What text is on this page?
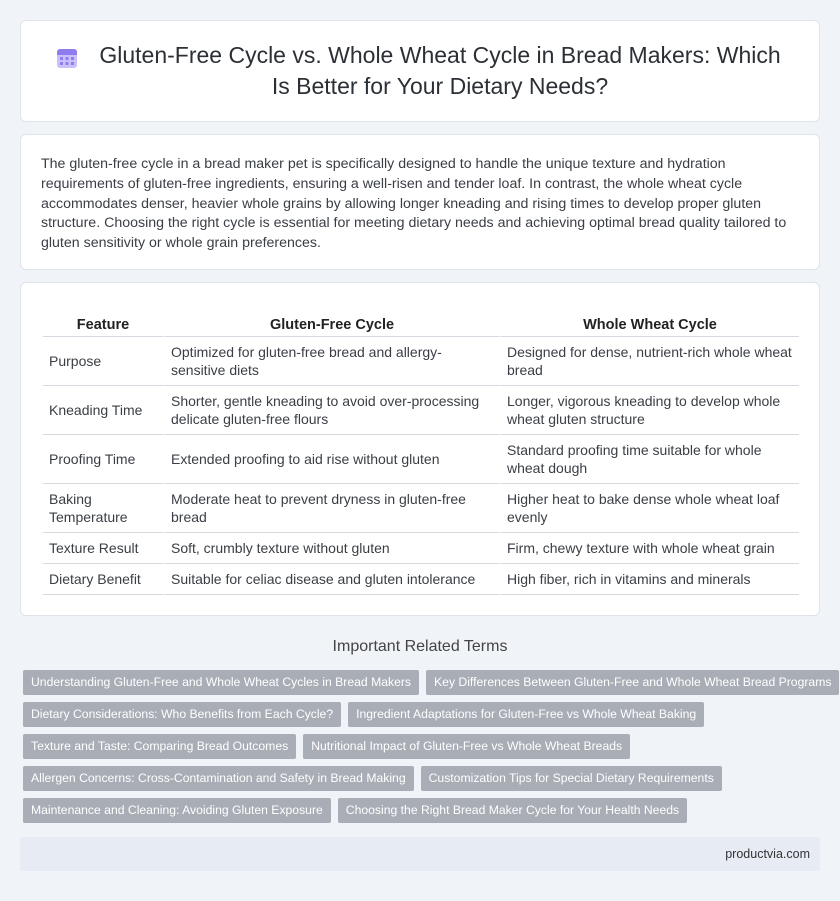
Gluten-Free Cycle vs. Whole Wheat Cycle in Bread Makers: Which Is Better for Your Dietary Needs?

The gluten-free cycle in a bread maker pet is specifically designed to handle the unique texture and hydration requirements of gluten-free ingredients, ensuring a well-risen and tender loaf. In contrast, the whole wheat cycle accommodates denser, heavier whole grains by allowing longer kneading and rising times to develop proper gluten structure. Choosing the right cycle is essential for meeting dietary needs and achieving optimal bread quality tailored to gluten sensitivity or whole grain preferences.

Feature	Gluten-Free Cycle	Whole Wheat Cycle
Purpose	Optimized for gluten-free bread and allergy-sensitive diets	Designed for dense, nutrient-rich whole wheat bread
Kneading Time	Shorter, gentle kneading to avoid over-processing delicate gluten-free flours	Longer, vigorous kneading to develop whole wheat gluten structure
Proofing Time	Extended proofing to aid rise without gluten	Standard proofing time suitable for whole wheat dough
Baking Temperature	Moderate heat to prevent dryness in gluten-free bread	Higher heat to bake dense whole wheat loaf evenly
Texture Result	Soft, crumbly texture without gluten	Firm, chewy texture with whole wheat grain
Dietary Benefit	Suitable for celiac disease and gluten intolerance	High fiber, rich in vitamins and minerals
Important Related Terms
Understanding Gluten-Free and Whole Wheat Cycles in Bread Makers	Key Differences Between Gluten-Free and Whole Wheat Bread Programs
Dietary Considerations: Who Benefits from Each Cycle?	Ingredient Adaptations for Gluten-Free vs Whole Wheat Baking
Texture and Taste: Comparing Bread Outcomes	Nutritional Impact of Gluten-Free vs Whole Wheat Breads
Allergen Concerns: Cross-Contamination and Safety in Bread Making	Customization Tips for Special Dietary Requirements
Maintenance and Cleaning: Avoiding Gluten Exposure	Choosing the Right Bread Maker Cycle for Your Health Needs
productvia.com
